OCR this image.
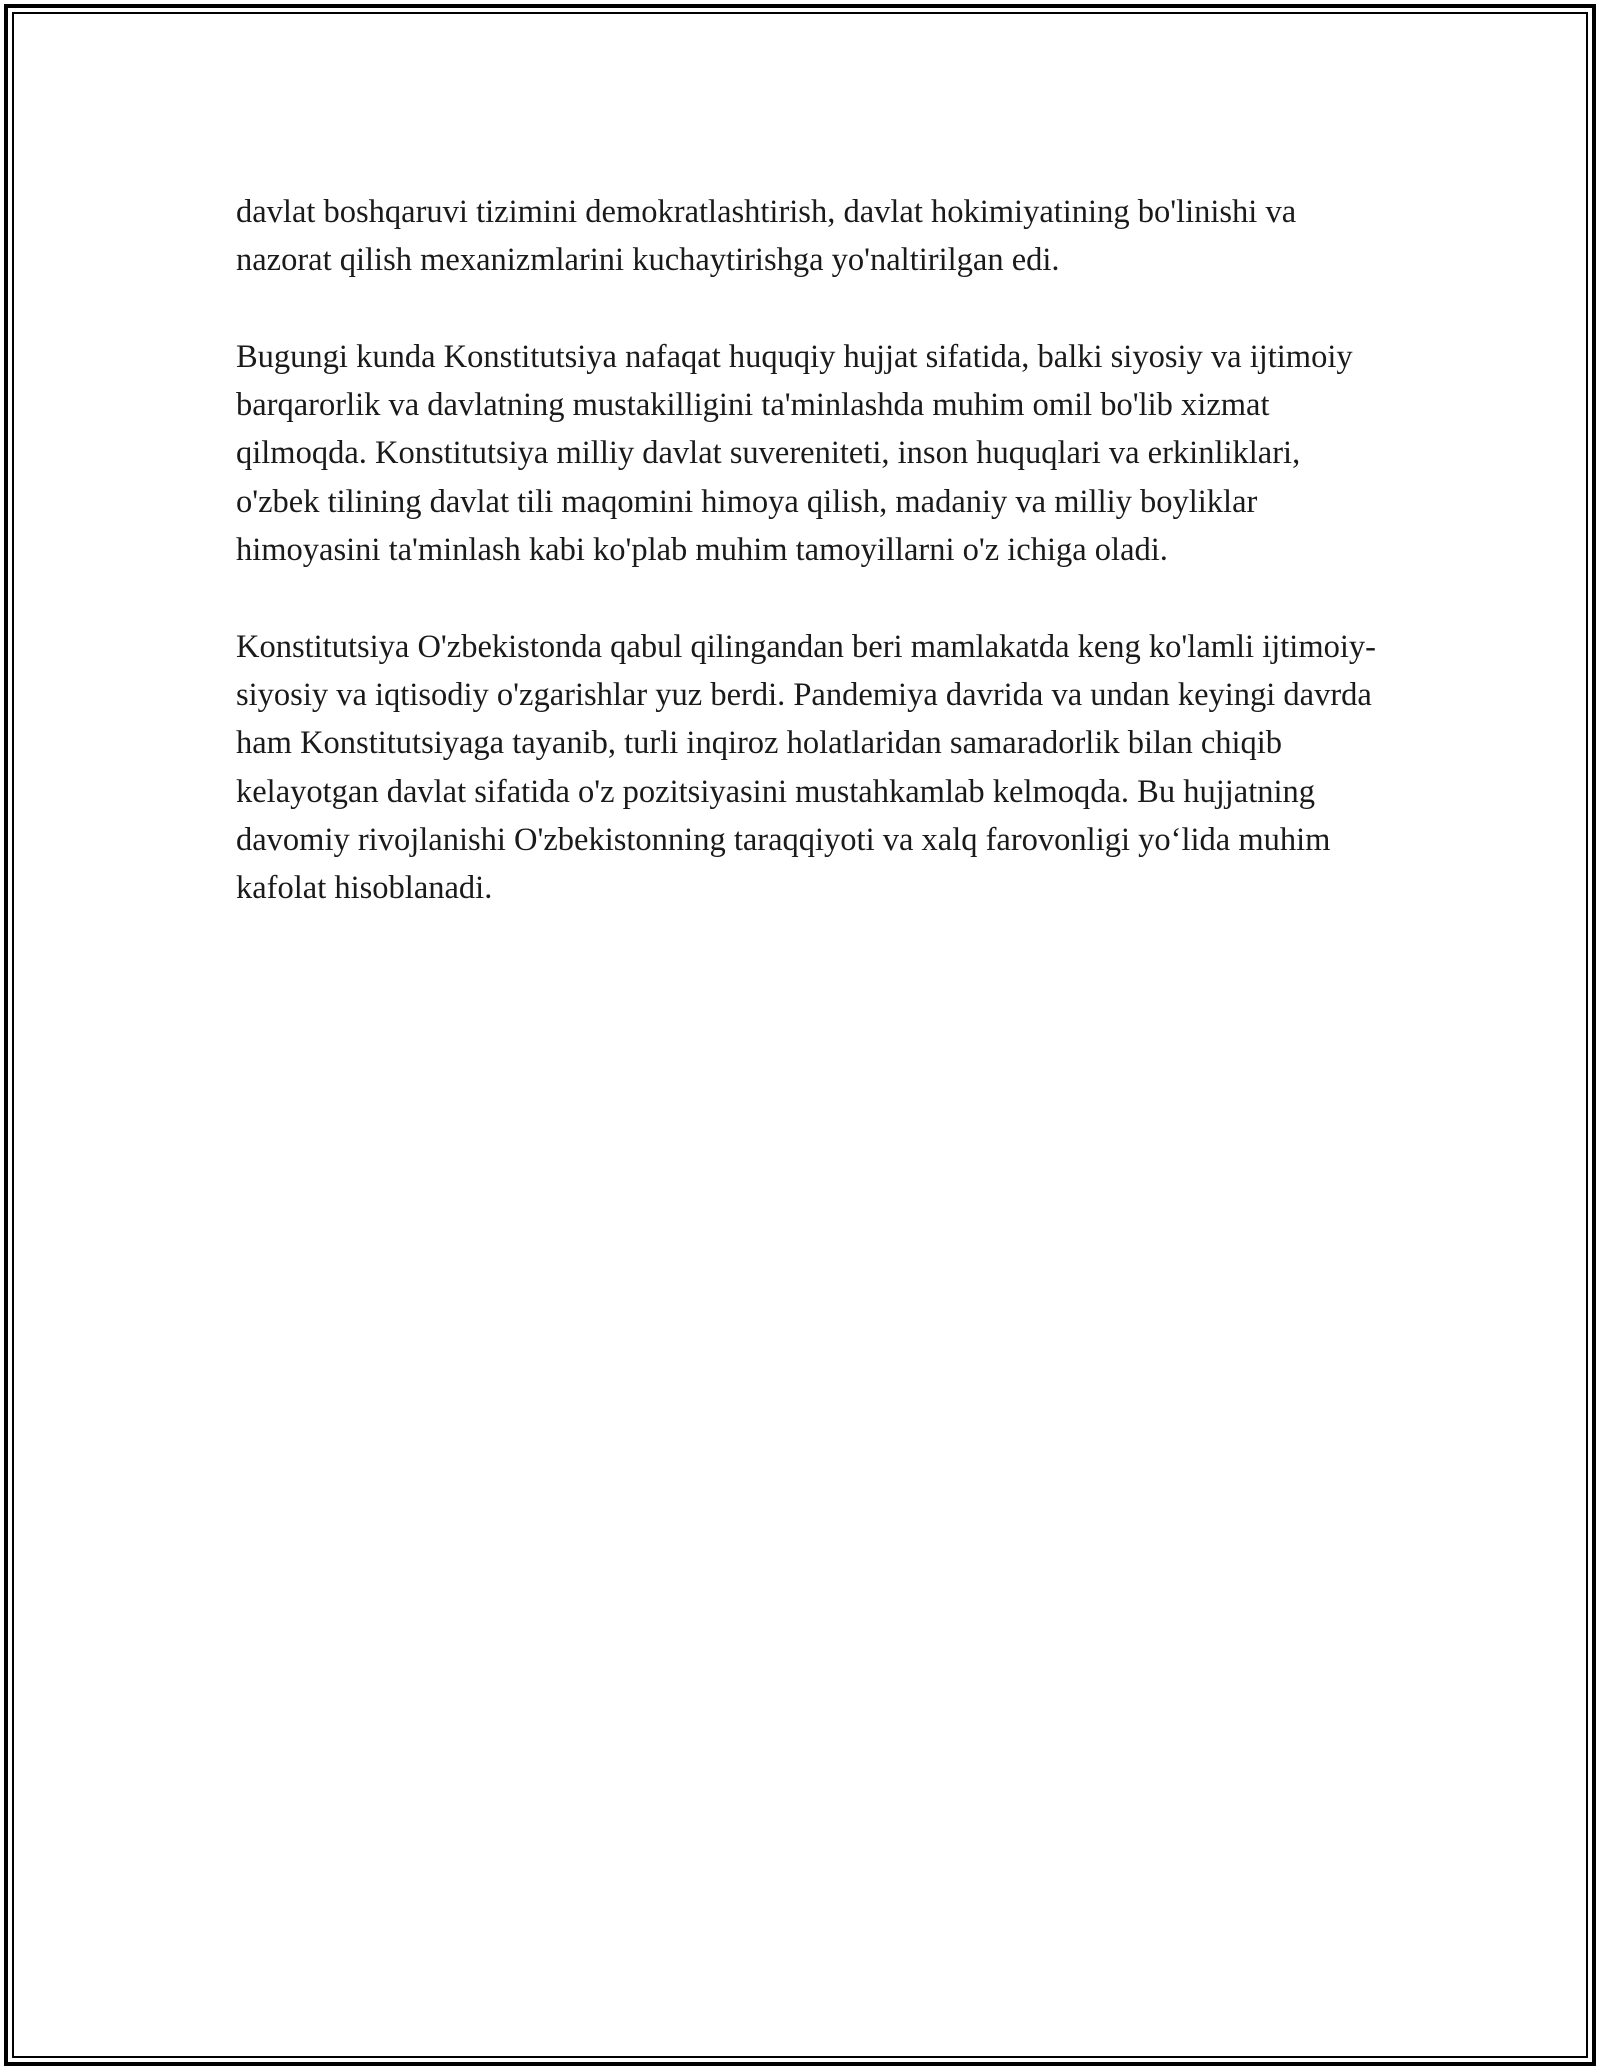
davlat boshqaruvi tizimini demokratlashtirish, davlat hokimiyatining bo'linishi va nazorat qilish mexanizmlarini kuchaytirishga yo'naltirilgan edi.

Bugungi kunda Konstitutsiya nafaqat huquqiy hujjat sifatida, balki siyosiy va ijtimoiy barqarorlik va davlatning mustakilligini ta'minlashda muhim omil bo'lib xizmat qilmoqda. Konstitutsiya milliy davlat suvereniteti, inson huquqlari va erkinliklari, o'zbek tilining davlat tili maqomini himoya qilish, madaniy va milliy boyliklar himoyasini ta'minlash kabi ko'plab muhim tamoyillarni o'z ichiga oladi.

Konstitutsiya O'zbekistonda qabul qilingandan beri mamlakatda keng ko'lamli ijtimoiy-siyosiy va iqtisodiy o'zgarishlar yuz berdi. Pandemiya davrida va undan keyingi davrda ham Konstitutsiyaga tayanib, turli inqiroz holatlaridan samaradorlik bilan chiqib kelayotgan davlat sifatida o'z pozitsiyasini mustahkamlab kelmoqda. Bu hujjatning davomiy rivojlanishi O'zbekistonning taraqqiyoti va xalq farovonligi yo‘lida muhim kafolat hisoblanadi.
